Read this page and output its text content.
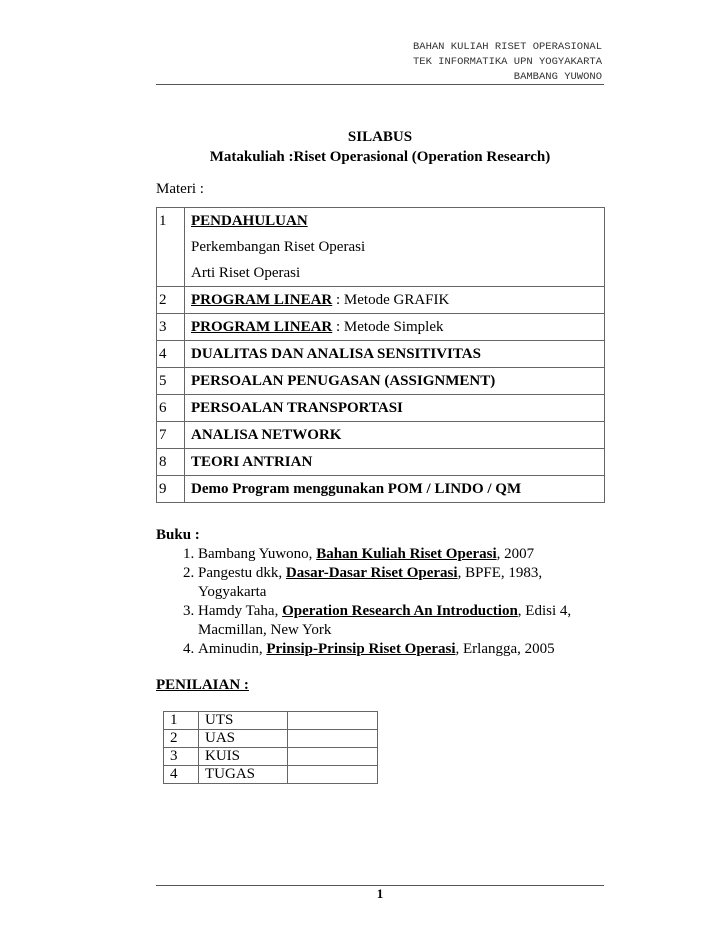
BAHAN KULIAH RISET OPERASIONAL
TEK INFORMATIKA UPN YOGYAKARTA
BAMBANG YUWONO
SILABUS
Matakuliah :Riset Operasional (Operation Research)
Materi :
1	PENDAHULUAN
Perkembangan Riset Operasi
Arti Riset Operasi

2	PROGRAM LINEAR : Metode GRAFIK
3	PROGRAM LINEAR : Metode Simplek
4	DUALITAS DAN ANALISA SENSITIVITAS
5	PERSOALAN PENUGASAN (ASSIGNMENT)
6	PERSOALAN TRANSPORTASI
7	ANALISA NETWORK
8	TEORI ANTRIAN
9	Demo Program menggunakan POM / LINDO / QM
Buku :
1. Bambang Yuwono, Bahan Kuliah Riset Operasi, 2007
2. Pangestu dkk, Dasar-Dasar Riset Operasi, BPFE, 1983, Yogyakarta
3. Hamdy Taha, Operation Research An Introduction, Edisi 4, Macmillan, New York
4. Aminudin, Prinsip-Prinsip Riset Operasi, Erlangga, 2005
PENILAIAN :
1	UTS	
2	UAS	
3	KUIS	
4	TUGAS	
1
